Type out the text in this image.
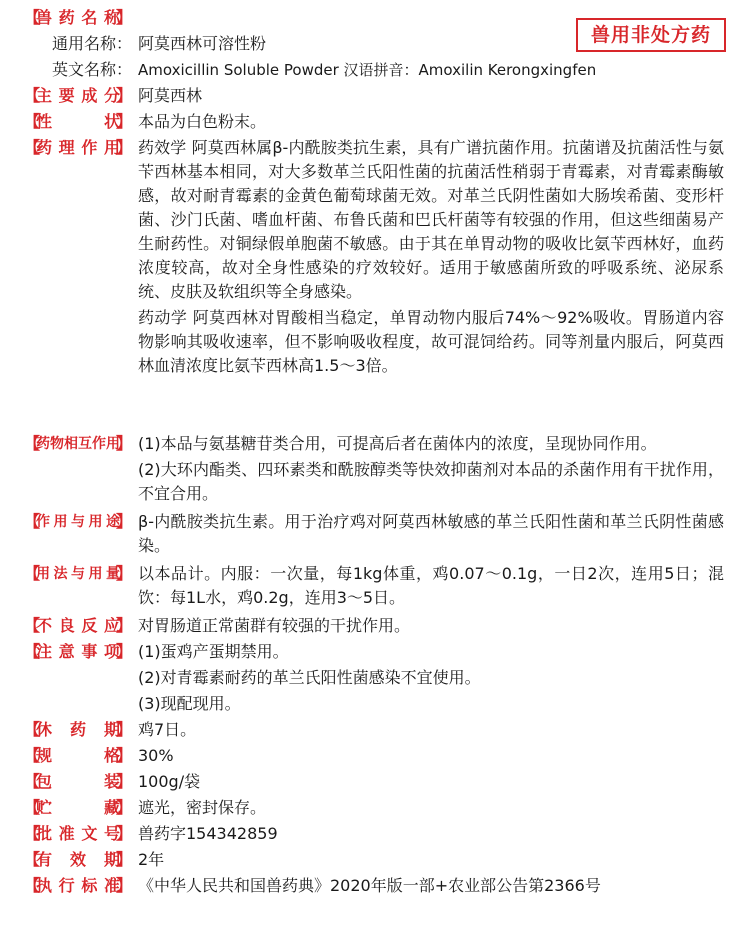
兽用非处方药
【
兽药名称
】
通用名称： 阿莫西林可溶性粉

英文名称： Amoxicillin Soluble Powder 汉语拼音：Amoxilin Kerongxingfen

【
主要成分
】 阿莫西林

【
性状
】 本品为白色粉末。

【
药理作用
】 药效学 阿莫西林属β-内酰胺类抗生素，具有广谱抗菌作用。抗菌谱及抗菌活性与氨苄西林基本相同，对大多数革兰氏阳性菌的抗菌活性稍弱于青霉素，对青霉素酶敏感，故对耐青霉素的金黄色葡萄球菌无效。对革兰氏阴性菌如大肠埃希菌、变形杆菌、沙门氏菌、嗜血杆菌、布鲁氏菌和巴氏杆菌等有较强的作用，但这些细菌易产生耐药性。对铜绿假单胞菌不敏感。由于其在单胃动物的吸收比氨苄西林好，血药浓度较高，故对全身性感染的疗效较好。适用于敏感菌所致的呼吸系统、泌尿系统、皮肤及软组织等全身感染。

药动学 阿莫西林对胃酸相当稳定，单胃动物内服后74%～92%吸收。胃肠道内容物影响其吸收速率，但不影响吸收程度，故可混饲给药。同等剂量内服后，阿莫西林血清浓度比氨苄西林高1.5～3倍。

【
药物相互作用
】 (1)本品与氨基糖苷类合用，可提高后者在菌体内的浓度，呈现协同作用。

(2)大环内酯类、四环素类和酰胺醇类等快效抑菌剂对本品的杀菌作用有干扰作用，不宜合用。

【
作用与用途
】 β-内酰胺类抗生素。用于治疗鸡对阿莫西林敏感的革兰氏阳性菌和革兰氏阴性菌感染。

【
用法与用量
】 以本品计。内服：一次量，每1kg体重，鸡0.07～0.1g，一日2次，连用5日；混饮：每1L水，鸡0.2g，连用3～5日。

【
不良反应
】 对胃肠道正常菌群有较强的干扰作用。

【
注意事项
】 (1)蛋鸡产蛋期禁用。

(2)对青霉素耐药的革兰氏阳性菌感染不宜使用。

(3)现配现用。

【
休药期
】 鸡7日。

【
规格
】 30%

【
包装
】 100g/袋

【
贮藏
】 遮光，密封保存。

【
批准文号
】 兽药字154342859

【
有效期
】 2年

【
执行标准
】 《中华人民共和国兽药典》2020年版一部+农业部公告第2366号
